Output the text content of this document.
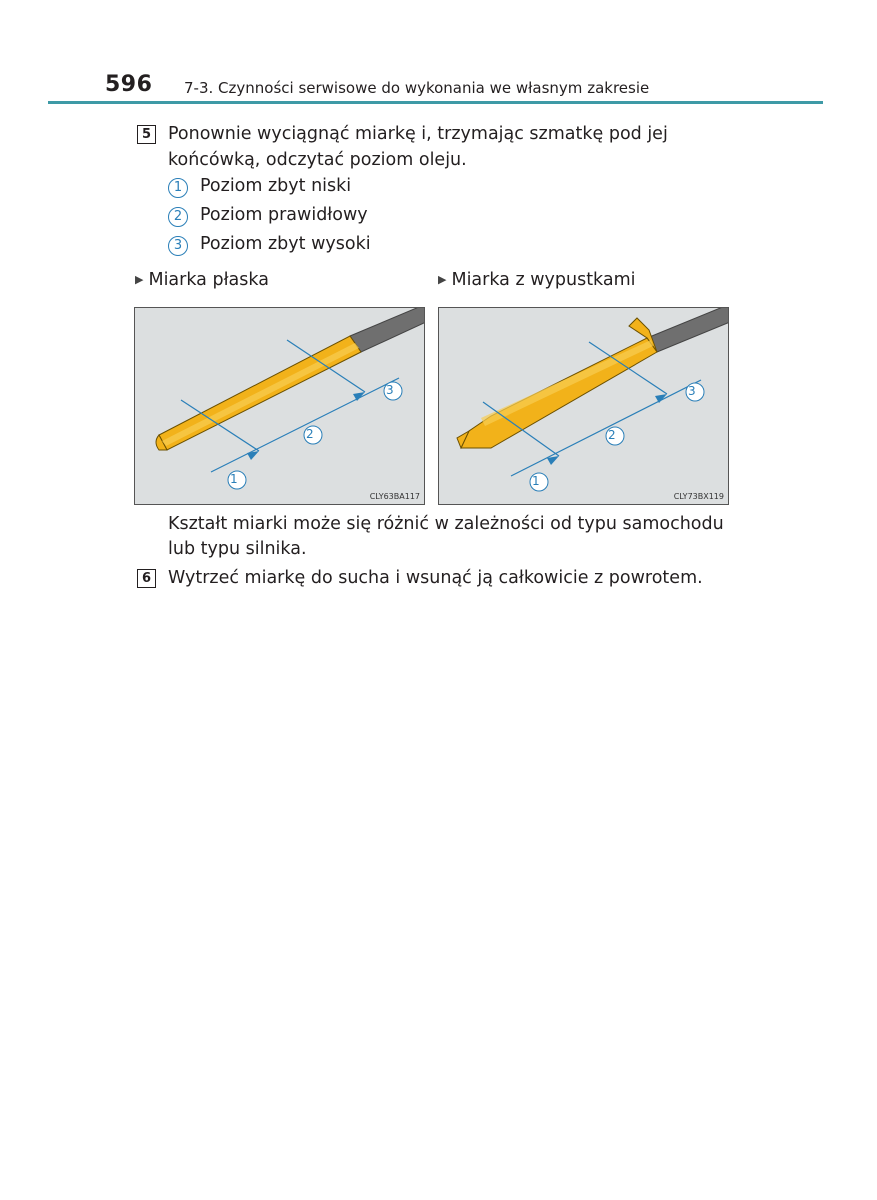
596 7-3. Czynności serwisowe do wykonania we własnym zakresie
5 Ponownie wyciągnąć miarkę i, trzymając szmatkę pod jej końcówką, odczytać poziom oleju.
1	Poziom zbyt niski
2	Poziom prawidłowy
3	Poziom zbyt wysoki
▶ Miarka płaska	▶ Miarka z wypustkami
1
2
3
CLY63BA117
1
2
3
CLY73BX119
Kształt miarki może się różnić w zależności od typu samochodu lub typu silnika.
6 Wytrzeć miarkę do sucha i wsunąć ją całkowicie z powrotem.
